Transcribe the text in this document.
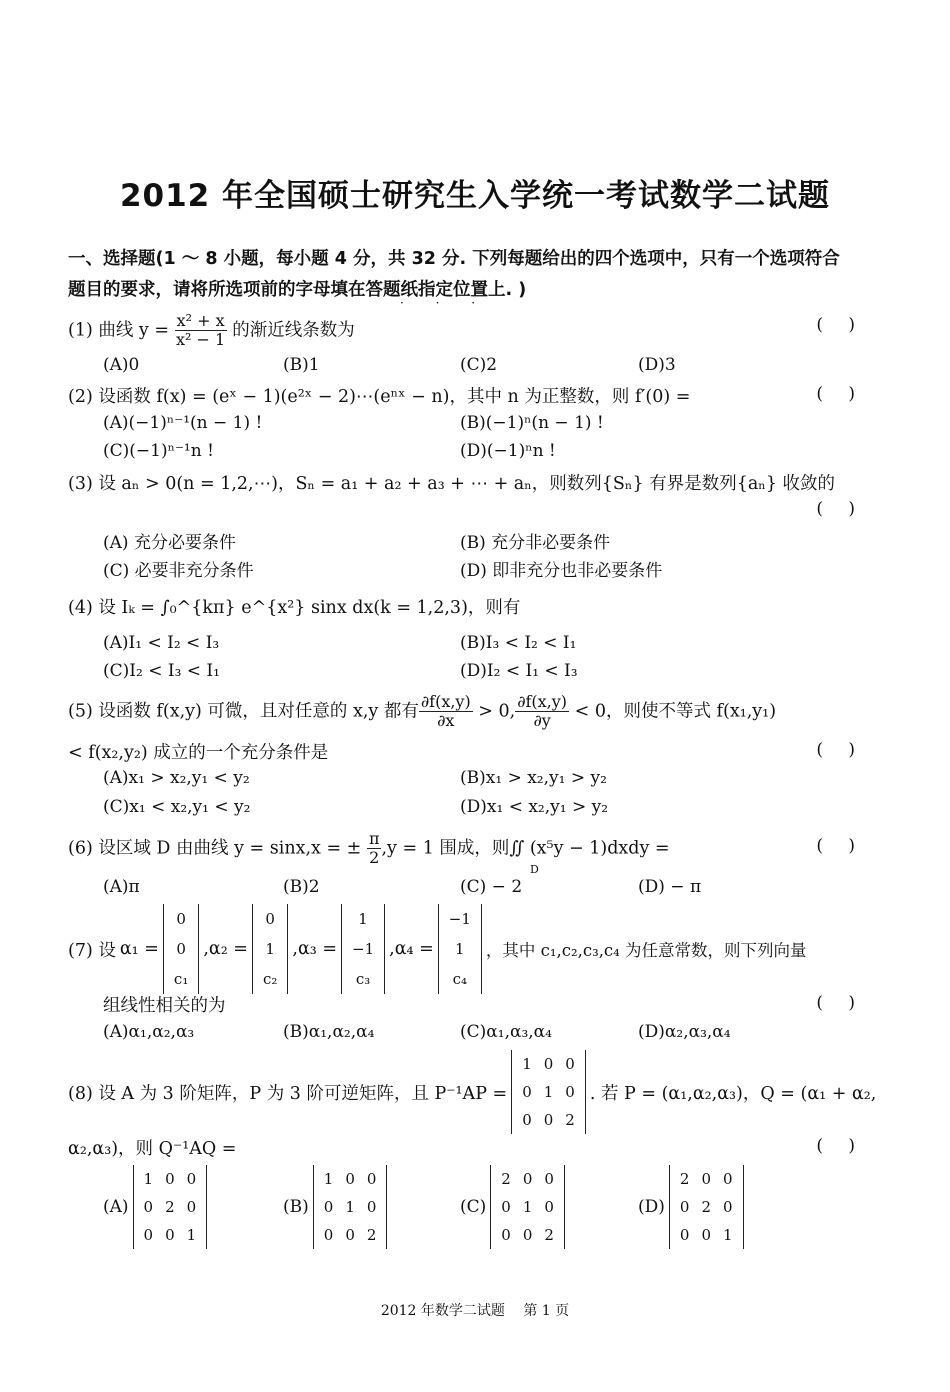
2012 年全国硕士研究生入学统一考试数学二试题
一、选择题(1 ～ 8 小题，每小题 4 分，共 32 分. 下列每题给出的四个选项中，只有一个选项符合
题目的要求，请将所选项前的字母填在答题纸指定位置上. )
· · ·
(1) 曲线 $y = \frac{\text{x² + x}}{\text{x² − 1}}$ 的渐近线条数为	( )
(A)0	(B)1	(C)2	(D)3
(2) 设函数 f(x) = (eˣ − 1)(e²ˣ − 2)⋯(eⁿˣ − n)，其中 n 为正整数，则 f′(0) =	( )
(A)(−1)ⁿ⁻¹(n − 1) !	(B)(−1)ⁿ(n − 1) !
(C)(−1)ⁿ⁻¹n !	(D)(−1)ⁿn !
(3) 设 aₙ > 0(n = 1,2,⋯)，Sₙ = a₁ + a₂ + a₃ + ⋯ + aₙ，则数列{Sₙ} 有界是数列{aₙ} 收敛的
( )
(A) 充分必要条件	(B) 充分非必要条件
(C) 必要非充分条件	(D) 即非充分也非必要条件
(4) 设 Iₖ = ∫₀^{kπ} e^{x²} sinx dx(k = 1,2,3)，则有
(A)I₁ < I₂ < I₃	(B)I₃ < I₂ < I₁
(C)I₂ < I₃ < I₁	(D)I₂ < I₁ < I₃
(5) 设函数 f(x,y) 可微，且对任意的 x,y 都有 $\frac{\partial f(x,y)}{\partial x} > 0$, $\frac{\partial f(x,y)}{\partial y} < 0$，则使不等式 f(x₁,y₁)
< f(x₂,y₂) 成立的一个充分条件是	( )
(A)x₁ > x₂,y₁ < y₂	(B)x₁ > x₂,y₁ > y₂
(C)x₁ < x₂,y₁ < y₂	(D)x₁ < x₂,y₁ > y₂
(6) 设区域 D 由曲线 y = sinx,x = ± $\frac{\pi}{2} ,y = 1$ 围成，则∬ (x⁵y − 1)dxdy =
D
( )
(A)π	(B)2	(C) − 2	(D) − π
(7) 设 α₁ =
0
0
c₁
,α₂ =
0
1
c₂
,α₃ =
1
−1
c₃
,α₄ =
−1
1
c₄
，其中 c₁,c₂,c₃,c₄ 为任意常数，则下列向量
组线性相关的为	( )
(A)α₁,α₂,α₃	(B)α₁,α₂,α₄	(C)α₁,α₃,α₄	(D)α₂,α₃,α₄
(8) 设 A 为 3 阶矩阵，P 为 3 阶可逆矩阵，且 P⁻¹AP =
1	0	0
0	1	0
0	0	2
. 若 P = (α₁,α₂,α₃)，Q = (α₁ + α₂,
α₂,α₃)，则 Q⁻¹AQ =	( )
(A)
1	0	0
0	2	0
0	0	1
(B)
1	0	0
0	1	0
0	0	2
(C)
2	0	0
0	1	0
0	0	2
(D)
2	0	0
0	2	0
0	0	1
2012 年数学二试题　 第 1 页
